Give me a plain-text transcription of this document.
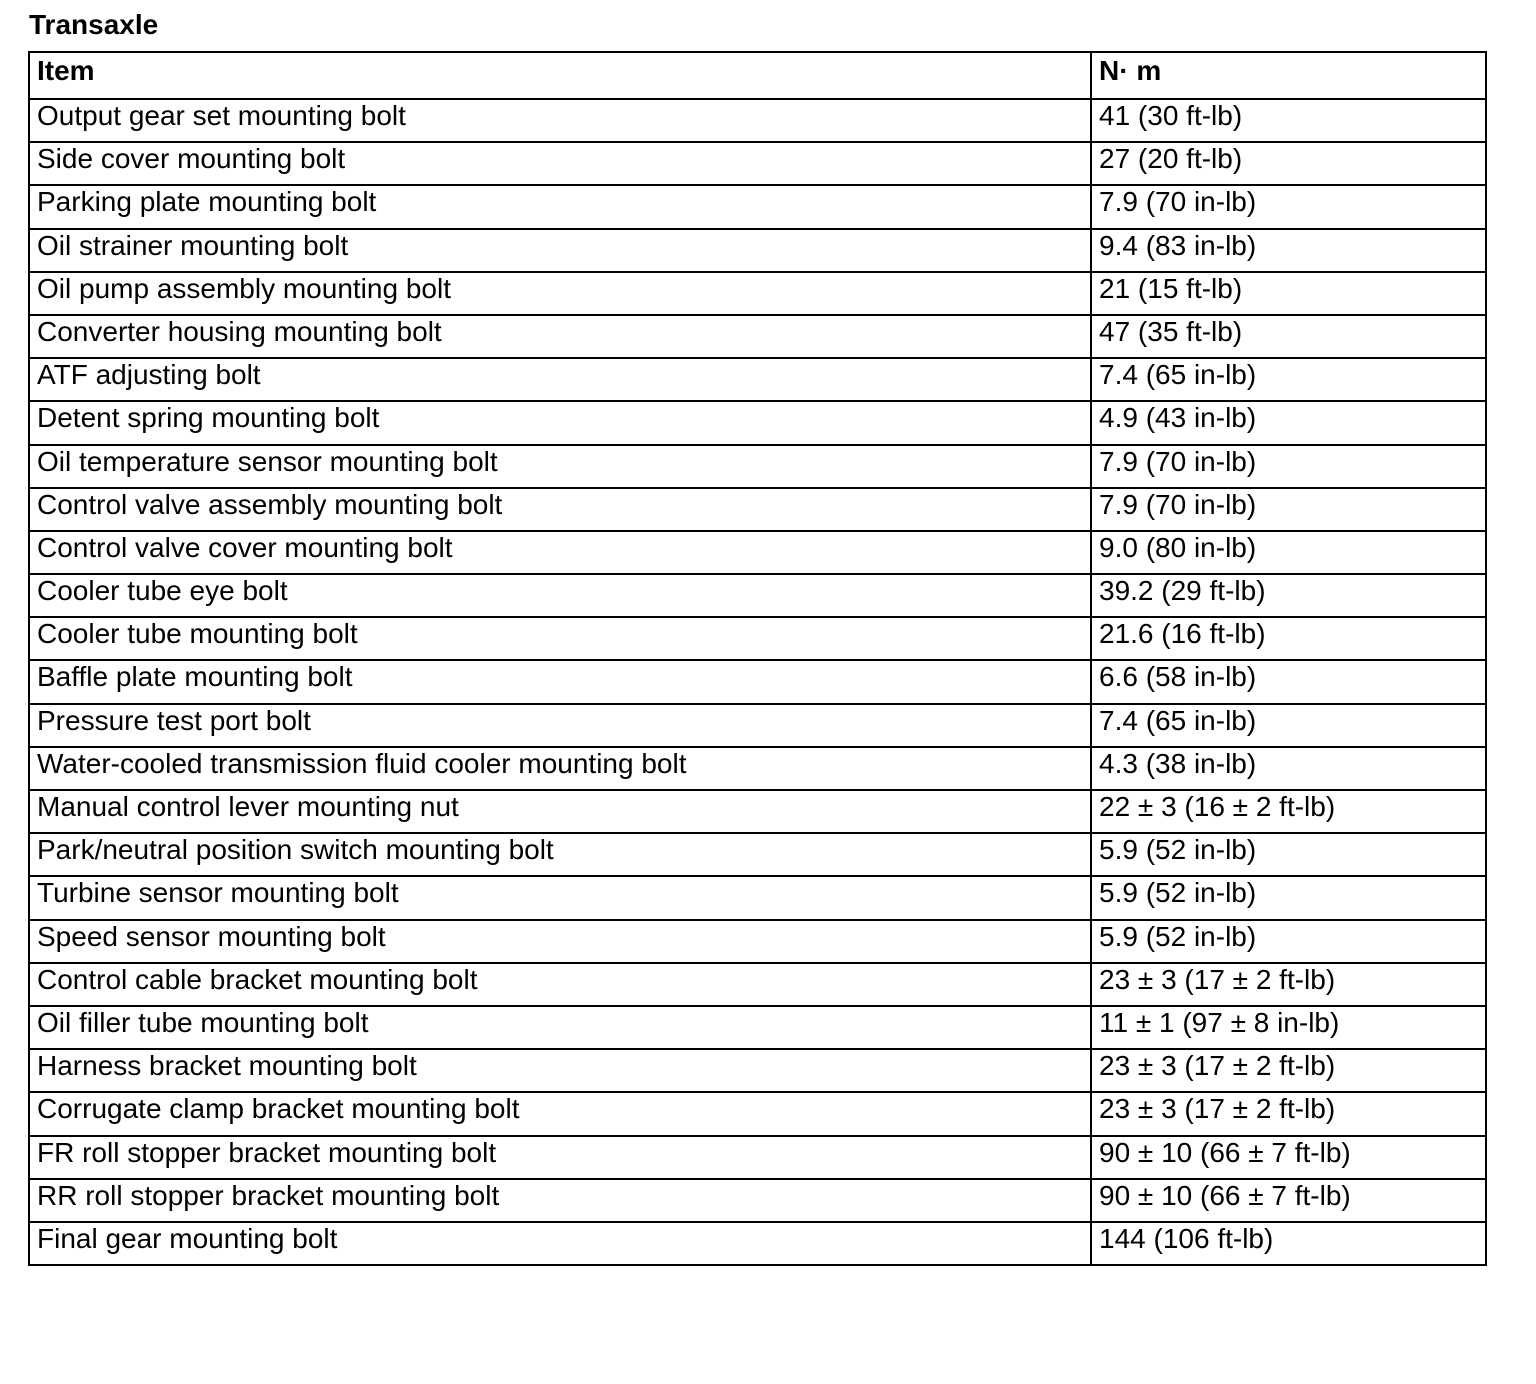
Transaxle
Item	N· m
Output gear set mounting bolt	41 (30 ft-lb)
Side cover mounting bolt	27 (20 ft-lb)
Parking plate mounting bolt	7.9 (70 in-lb)
Oil strainer mounting bolt	9.4 (83 in-lb)
Oil pump assembly mounting bolt	21 (15 ft-lb)
Converter housing mounting bolt	47 (35 ft-lb)
ATF adjusting bolt	7.4 (65 in-lb)
Detent spring mounting bolt	4.9 (43 in-lb)
Oil temperature sensor mounting bolt	7.9 (70 in-lb)
Control valve assembly mounting bolt	7.9 (70 in-lb)
Control valve cover mounting bolt	9.0 (80 in-lb)
Cooler tube eye bolt	39.2 (29 ft-lb)
Cooler tube mounting bolt	21.6 (16 ft-lb)
Baffle plate mounting bolt	6.6 (58 in-lb)
Pressure test port bolt	7.4 (65 in-lb)
Water-cooled transmission fluid cooler mounting bolt	4.3 (38 in-lb)
Manual control lever mounting nut	22 ± 3 (16 ± 2 ft-lb)
Park/neutral position switch mounting bolt	5.9 (52 in-lb)
Turbine sensor mounting bolt	5.9 (52 in-lb)
Speed sensor mounting bolt	5.9 (52 in-lb)
Control cable bracket mounting bolt	23 ± 3 (17 ± 2 ft-lb)
Oil filler tube mounting bolt	11 ± 1 (97 ± 8 in-lb)
Harness bracket mounting bolt	23 ± 3 (17 ± 2 ft-lb)
Corrugate clamp bracket mounting bolt	23 ± 3 (17 ± 2 ft-lb)
FR roll stopper bracket mounting bolt	90 ± 10 (66 ± 7 ft-lb)
RR roll stopper bracket mounting bolt	90 ± 10 (66 ± 7 ft-lb)
Final gear mounting bolt	144 (106 ft-lb)
